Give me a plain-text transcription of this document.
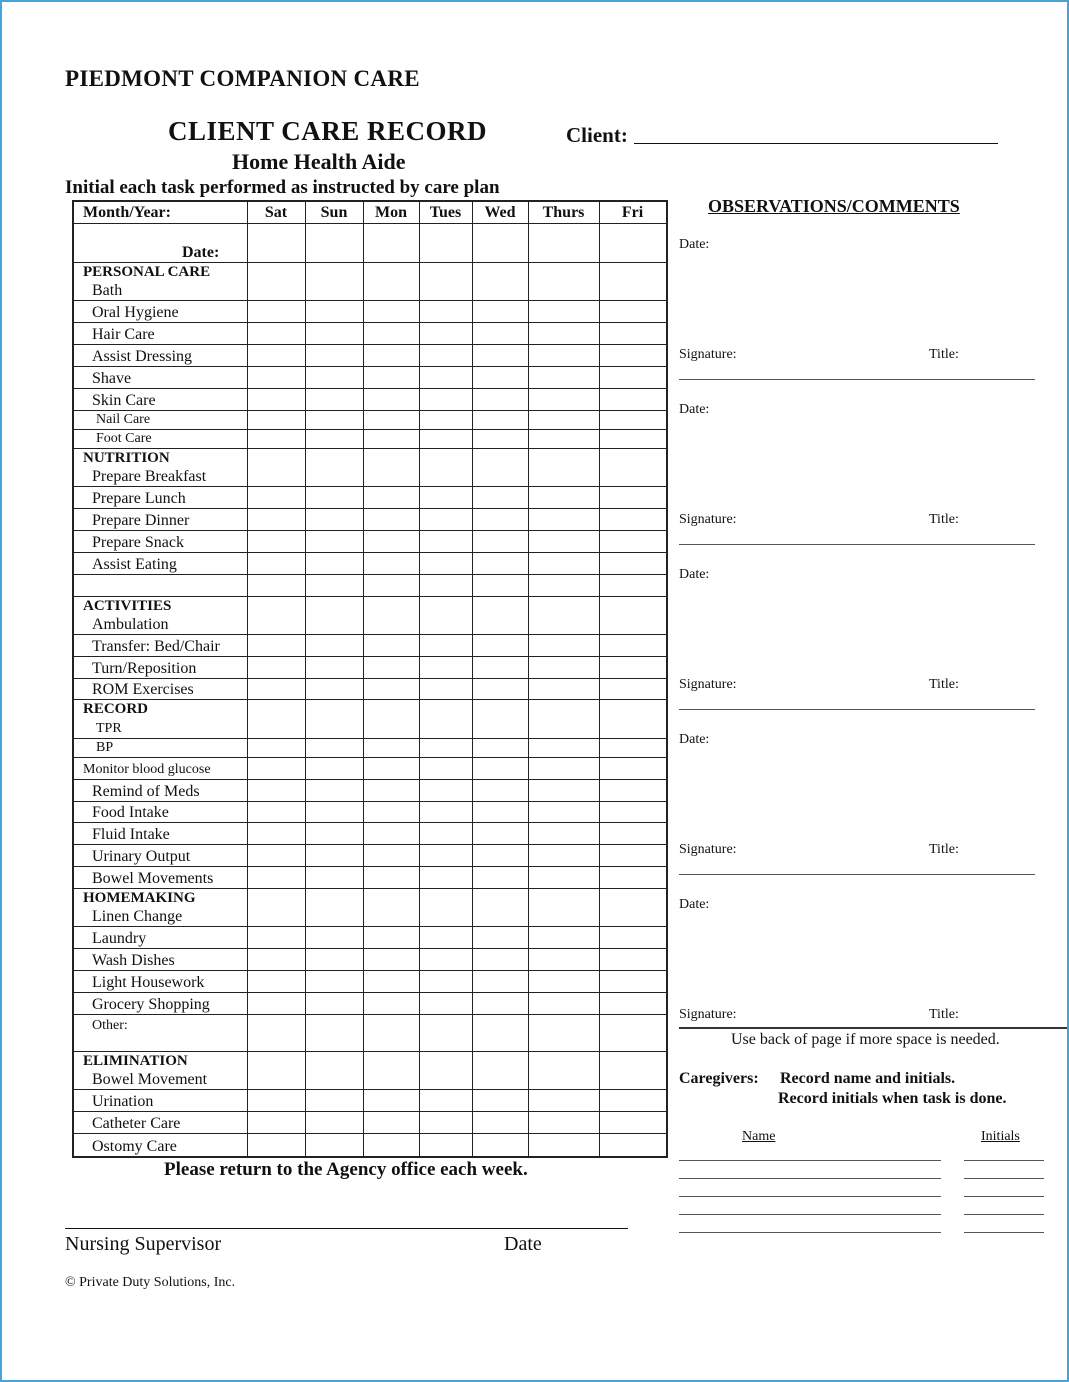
PIEDMONT COMPANION CARE
CLIENT CARE RECORD
Home Health Aide
Initial each task performed as instructed by care plan
Client:
Month/Year:	Sat	Sun	Mon	Tues	Wed	Thurs	Fri
Date:
PERSONAL CARE
Bath
Oral Hygiene
Hair Care
Assist Dressing
Shave
Skin Care
Nail Care
Foot Care
NUTRITION
Prepare Breakfast
Prepare Lunch
Prepare Dinner
Prepare Snack
Assist Eating
ACTIVITIES
Ambulation
Transfer: Bed/Chair
Turn/Reposition
ROM Exercises
RECORD
TPR
BP
Monitor blood glucose
Remind of Meds
Food Intake
Fluid Intake
Urinary Output
Bowel Movements
HOMEMAKING
Linen Change
Laundry
Wash Dishes
Light Housework
Grocery Shopping
Other:
ELIMINATION
Bowel Movement
Urination
Catheter Care
Ostomy Care
Please return to the Agency office each week.
Nursing Supervisor	Date
© Private Duty Solutions, Inc.
OBSERVATIONS/COMMENTS
Date:
Signature:	Title:
Date:
Signature:	Title:
Date:
Signature:	Title:
Date:
Signature:	Title:
Date:
Signature:	Title:
Use back of page if more space is needed.
Caregivers: Record name and initials.
Record initials when task is done.
Name	Initials
